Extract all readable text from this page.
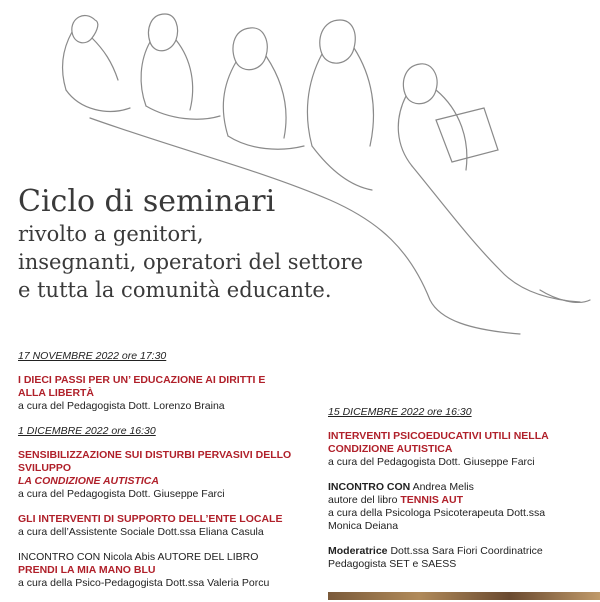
Ciclo di seminari
rivolto a genitori,
insegnanti, operatori del settore
e tutta la comunità educante.
17 NOVEMBRE 2022 ore 17:30
I DIECI PASSI PER UN’ EDUCAZIONE AI DIRITTI E
ALLA LIBERTÀ
a cura del Pedagogista Dott. Lorenzo Braina
1 DICEMBRE 2022 ore 16:30
SENSIBILIZZAZIONE SUI DISTURBI PERVASIVI DELLO
SVILUPPO
LA CONDIZIONE AUTISTICA
a cura del Pedagogista Dott. Giuseppe Farci
GLI INTERVENTI DI SUPPORTO DELL’ENTE LOCALE
a cura dell’Assistente Sociale Dott.ssa Eliana Casula
INCONTRO CON Nicola Abis AUTORE DEL LIBRO
PRENDI LA MIA MANO BLU
a cura della Psico-Pedagogista Dott.ssa Valeria Porcu
15 DICEMBRE 2022 ore 16:30
INTERVENTI PSICOEDUCATIVI UTILI NELLA
CONDIZIONE AUTISTICA
a cura del Pedagogista Dott. Giuseppe Farci
INCONTRO CON Andrea Melis
autore del libro TENNIS AUT
a cura della Psicologa Psicoterapeuta Dott.ssa
Monica Deiana
Moderatrice Dott.ssa Sara Fiori Coordinatrice
Pedagogista SET e SAESS
